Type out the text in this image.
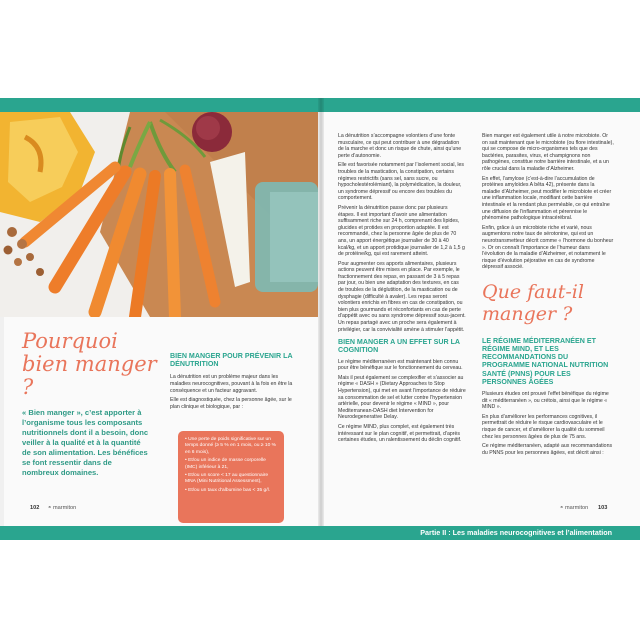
Pourquoi bien manger ?
« Bien manger », c’est apporter à l’organisme tous les composants nutritionnels dont il a besoin, donc veiller à la qualité et à la quantité de son alimentation. Les bénéfices se font ressentir dans de nombreux domaines.
BIEN MANGER POUR PRÉVENIR LA DÉNUTRITION

La dénutrition est un problème majeur dans les maladies neurocognitives, pouvant à la fois en être la conséquence et un facteur aggravant.

Elle est diagnostiquée, chez la personne âgée, sur le plan clinique et biologique, par :

• Une perte de poids significative sur un temps donné (≥ 5 % en 1 mois, ou ≥ 10 % en 6 mois),

• Et/ou un indice de masse corporelle (IMC) inférieur à 21,

• Et/ou un score < 17 au questionnaire MNA (Mini Nutritional Assessment),

• Et/ou un taux d’albumine bas < 35 g/l.

102 ◓ marmiton

La dénutrition s’accompagne volontiers d’une fonte musculaire, ce qui peut contribuer à une dégradation de la marche et donc un risque de chute, ainsi qu’une perte d’autonomie.

Elle est favorisée notamment par l’isolement social, les troubles de la mastication, la constipation, certains régimes restrictifs (sans sel, sans sucre, ou hypocholestérolémiant), la polymédication, la douleur, un syndrome dépressif ou encore des troubles du comportement.

Prévenir la dénutrition passe donc par plusieurs étapes. Il est important d’avoir une alimentation suffisamment riche sur 24 h, comprenant des lipides, glucides et protides en proportion adaptée. Il est recommandé, chez la personne âgée de plus de 70 ans, un apport énergétique journalier de 30 à 40 kcal/kg, et un apport protidique journalier de 1,2 à 1,5 g de protéine/kg, qui est rarement atteint.

Pour augmenter ces apports alimentaires, plusieurs actions peuvent être mises en place. Par exemple, le fractionnement des repas, en passant de 3 à 5 repas par jour, ou bien une adaptation des textures, en cas de troubles de la déglutition, de la mastication ou de dysphagie (difficulté à avaler). Les repas seront volontiers enrichis en fibres en cas de constipation, ou bien plus gourmands et réconfortants en cas de perte d’appétit avec ou sans syndrome dépressif sous-jacent. Un repas partagé avec un proche sera également à privilégier, car la convivialité amène à stimuler l’appétit.

BIEN MANGER A UN EFFET SUR LA COGNITION

Le régime méditerranéen est maintenant bien connu pour être bénéfique sur le fonctionnement du cerveau.

Mais il peut également se complexifier et s’associer au régime « DASH » (Dietary Approaches to Stop Hypertension), qui met en avant l’importance de réduire sa consommation de sel et lutter contre l’hypertension artérielle, pour devenir le régime « MIND », pour Mediterranean-DASH diet Intervention for Neurodegenerative Delay.

Ce régime MIND, plus complet, est également très intéressant sur le plan cognitif, et permettrait, d’après certaines études, un ralentissement du déclin cognitif.

Bien manger est également utile à notre microbiote. Or on sait maintenant que le microbiote (ou flore intestinale), qui se compose de micro-organismes tels que des bactéries, parasites, virus, et champignons non pathogènes, constitue notre barrière intestinale, et a un rôle crucial dans la maladie d’Alzheimer.

En effet, l’amylose (c’est-à-dire l’accumulation de protéines amyloïdes A bêta 42), présente dans la maladie d’Alzheimer, peut modifier le microbiote et créer une inflammation locale, modifiant cette barrière intestinale et la rendant plus perméable, ce qui entraîne une diffusion de l’inflammation et pérennise le phénomène pathologique intracérébral.

Enfin, grâce à un microbiote riche et varié, nous augmentons notre taux de sérotonine, qui est un neurotransmetteur décrit comme « l’hormone du bonheur ». Or on connaît l’importance de l’humeur dans l’évolution de la maladie d’Alzheimer, et notamment le risque d’évolution péjorative en cas de syndrome dépressif associé.

Que faut-il manger ?
LE RÉGIME MÉDITERRANÉEN ET RÉGIME MIND, ET LES RECOMMANDATIONS DU PROGRAMME NATIONAL NUTRITION SANTÉ (PNNS) POUR LES PERSONNES ÂGÉES

Plusieurs études ont prouvé l’effet bénéfique du régime dit « méditerranéen », ou crétois, ainsi que le régime « MIND ».

En plus d’améliorer les performances cognitives, il permettrait de réduire le risque cardiovasculaire et le risque de cancer, et d’améliorer la qualité du sommeil chez les personnes âgées de plus de 75 ans.

Ce régime méditerranéen, adapté aux recommandations du PNNS pour les personnes âgées, est décrit ainsi :

◓ marmiton 103
Partie II : Les maladies neurocognitives et l’alimentation
